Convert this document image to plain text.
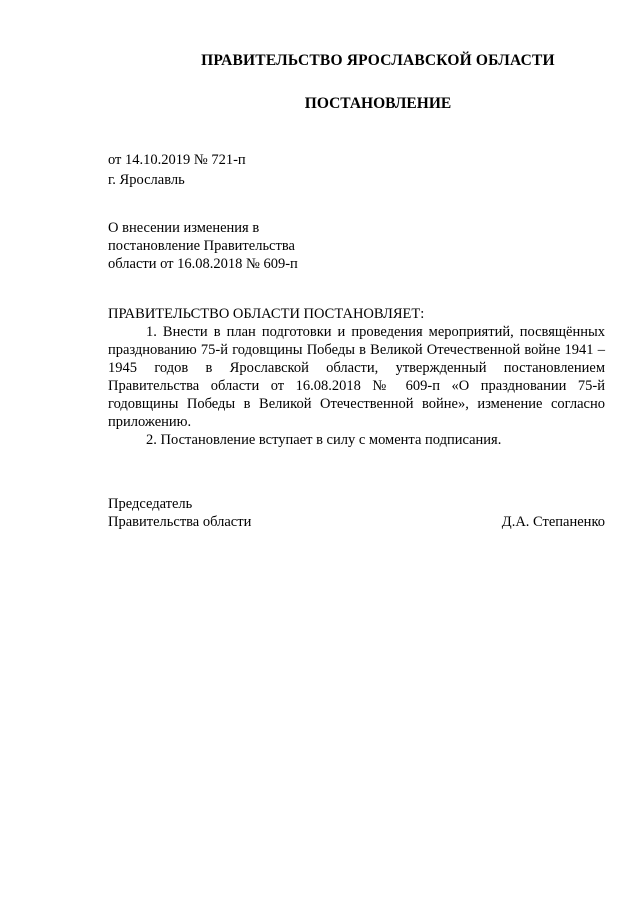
ПРАВИТЕЛЬСТВО ЯРОСЛАВСКОЙ ОБЛАСТИ
ПОСТАНОВЛЕНИЕ
от 14.10.2019 № 721-п
г. Ярославль
О внесении изменения в
постановление Правительства
области от 16.08.2018 № 609-п

ПРАВИТЕЛЬСТВО ОБЛАСТИ ПОСТАНОВЛЯЕТ:

1. Внести в план подготовки и проведения мероприятий, посвящённых празднованию 75-й годовщины Победы в Великой Отечественной войне 1941 – 1945 годов в Ярославской области, утвержденный постановлением Правительства области от 16.08.2018 № 609-п «О праздновании 75-й годовщины Победы в Великой Отечественной войне», изменение согласно приложению.

2. Постановление вступает в силу с момента подписания.

Председатель
Правительства области	Д.А. Степаненко
